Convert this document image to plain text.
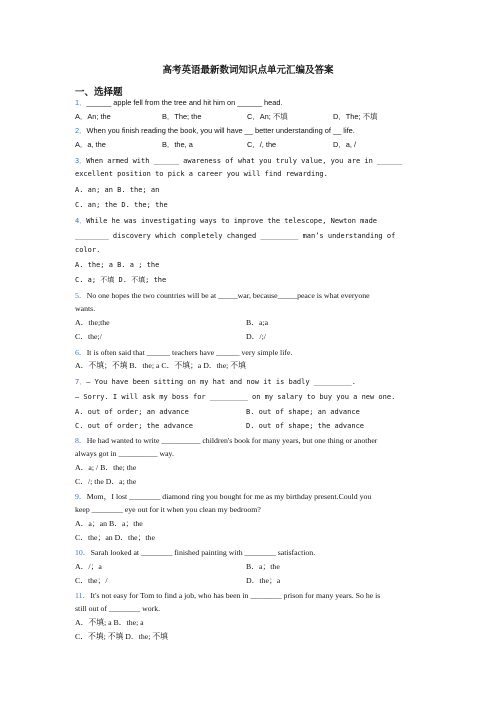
高考英语最新数词知识点单元汇编及答案
一、选择题
1．______ apple fell from the tree and hit him on ______ head.
A．An; the	B．The; the	C．An; 不填	D．The; 不填
2．When you finish reading the book, you will have __ better understanding of __ life.
A．a, the	B．the, a	C．/, the	D．a, /
3．When armed with ______ awareness of what you truly value, you are in ______
excellent position to pick a career you will find rewarding.
A. an; an B. the; an
C. an; the D. the; the
4．While he was investigating ways to improve the telescope, Newton made
________ discovery which completely changed _________ man’s understanding of
color.
A. the; a B. a ; the
C. a; 不填 D. 不填; the
5．No one hopes the two countries will be at _____war, because_____peace is what everyone
wants.
A．the;the	B．a;a
C．the;/	D．/;/
6．It is often said that ______ teachers have ______ very simple life.
A．不填；不填 B．the; a C．不填；a D．the; 不填
7．— You have been sitting on my hat and now it is badly _________.
— Sorry. I will ask my boss for _________ on my salary to buy you a new one.
A. out of order; an advance	B. out of shape; an advance
C. out of order; the advance	D. out of shape; the advance
8．He had wanted to write __________ children's book for many years, but one thing or another
always got in __________ way.
A．a; / B．the; the
C．/; the D．a; the
9．Mom，I lost ________ diamond ring you bought for me as my birthday present.Could you
keep ________ eye out for it when you clean my bedroom?
A．a；an B．a；the
C．the；an D．the；the
10．Sarah looked at ________ finished painting with ________ satisfaction.
A．/；a	B．a；the
C．the；/	D．the；a
11．It's not easy for Tom to find a job, who has been in ________ prison for many years. So he is
still out of ________ work.
A．不填; a B．the; a
C．不填; 不填 D．the; 不填
